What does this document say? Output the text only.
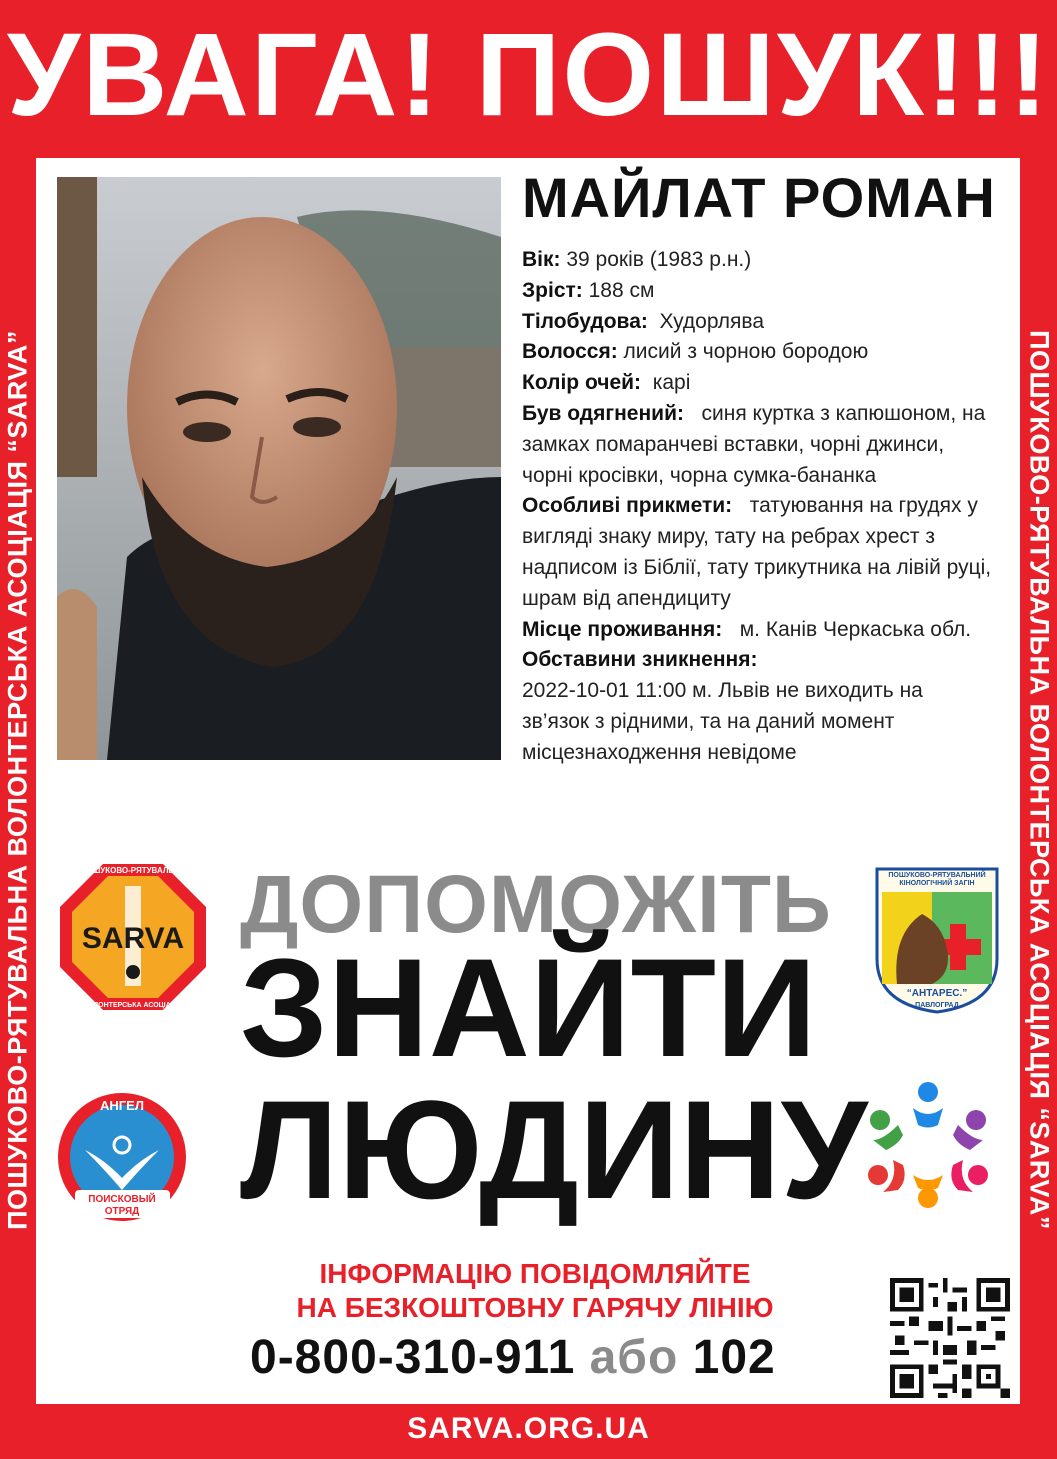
УВАГА! ПОШУК!!!
ПОШУКОВО-РЯТУВАЛЬНА ВОЛОНТЕРСЬКА АСОЦІАЦІЯ “SARVA”	ПОШУКОВО-РЯТУВАЛЬНА ВОЛОНТЕРСЬКА АСОЦІАЦІЯ “SARVA”
МАЙЛАТ РОМАН
Вік: 39 років (1983 р.н.)
Зріст: 188 см
Тілобудова: Худорлява
Волосся: лисий з чорною бородою
Колір очей: карі
Був одягнений: синя куртка з капюшоном, на замках помаранчеві вставки, чорні джинси, чорні кросівки, чорна сумка-бананка
Особливі прикмети: татуювання на грудях у вигляді знаку миру, тату на ребрах хрест з надписом із Біблії, тату трикутника на лівій руці, шрам від апендициту
Місце проживання: м. Канів Черкаська обл.
Обставини зникнення:
2022-10-01 11:00 м. Львів не виходить на зв’язок з рідними, та на даний момент місцезнаходження невідоме
ДОПОМОЖІТЬ
ЗНАЙТИ
ЛЮДИНУ
SARVA
ПОШУКОВО-РЯТУВАЛЬНА
ВОЛОНТЕРСЬКА АСОЦІАЦІЯ
ПОШУКОВО-РЯТУВАЛЬНИЙ
КІНОЛОГІЧНИЙ ЗАГІН
“АНТАРЕС.”
ПАВЛОГРАД
АНГЕЛ
ПОИСКОВЫЙ
ОТРЯД
ІНФОРМАЦІЮ ПОВІДОМЛЯЙТЕ
НА БЕЗКОШТОВНУ ГАРЯЧУ ЛІНІЮ
0-800-310-911 або 102
SARVA.ORG.UA
